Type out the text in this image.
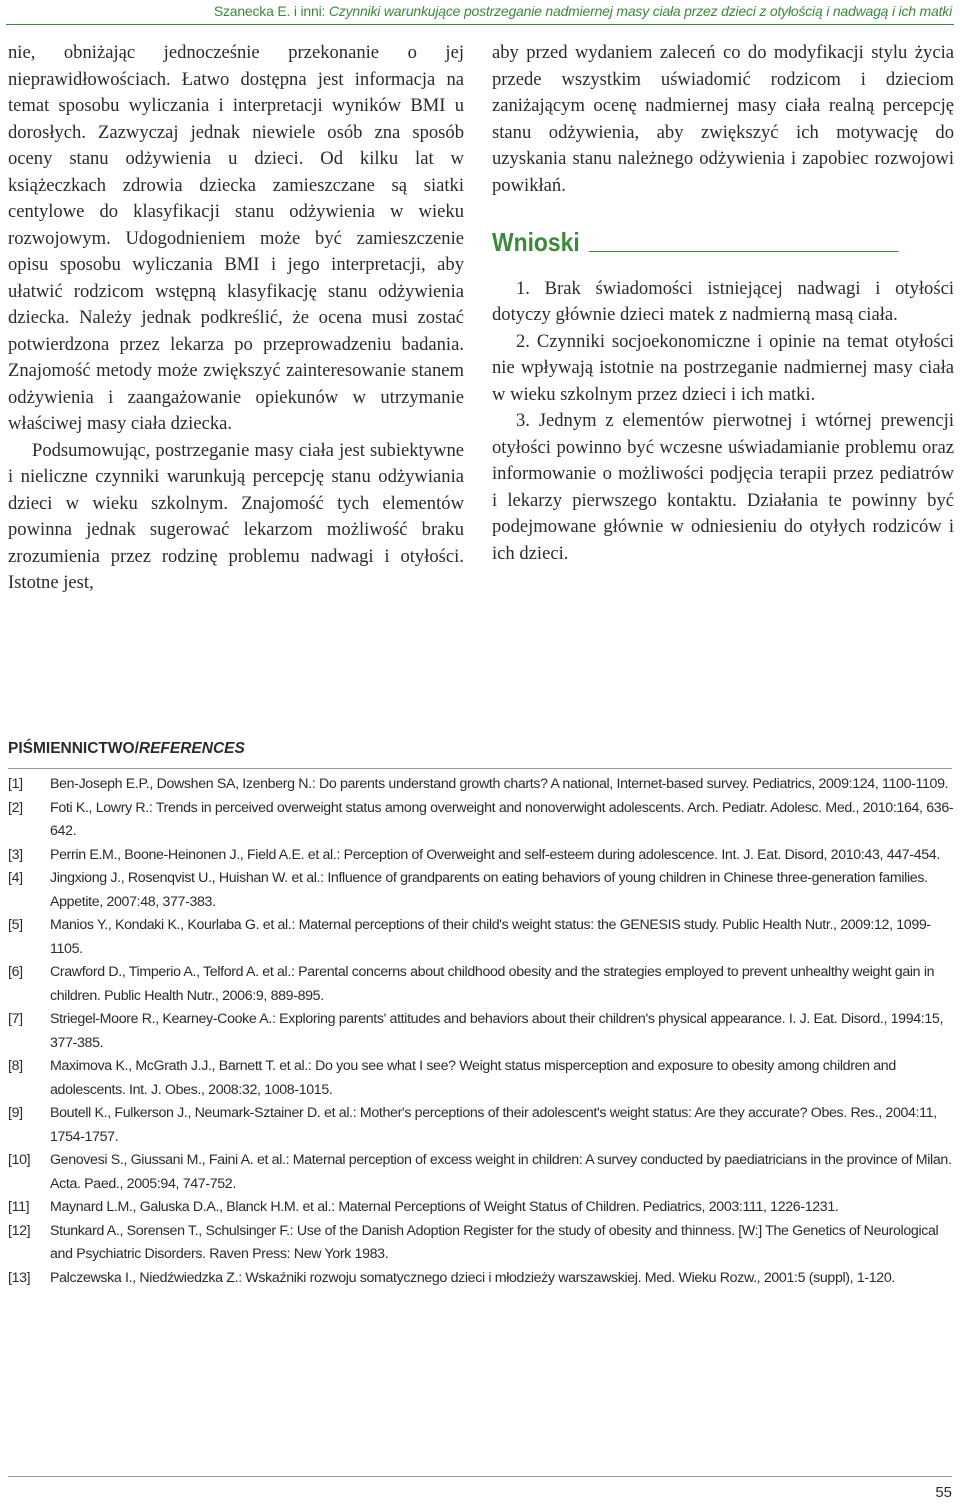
Szanecka E. i inni: Czynniki warunkujące postrzeganie nadmiernej masy ciała przez dzieci z otyłością i nadwagą i ich matki

nie, obniżając jednocześnie przekonanie o jej nieprawidłowościach. Łatwo dostępna jest informacja na temat sposobu wyliczania i interpretacji wyników BMI u dorosłych. Zazwyczaj jednak niewiele osób zna sposób oceny stanu odżywienia u dzieci. Od kilku lat w książeczkach zdrowia dziecka zamieszczane są siatki centylowe do klasyfikacji stanu odżywienia w wieku rozwojowym. Udogodnieniem może być zamieszczenie opisu sposobu wyliczania BMI i jego interpretacji, aby ułatwić rodzicom wstępną klasyfikację stanu odżywienia dziecka. Należy jednak podkreślić, że ocena musi zostać potwierdzona przez lekarza po przeprowadzeniu badania. Znajomość metody może zwiększyć zainteresowanie stanem odżywienia i zaangażowanie opiekunów w utrzymanie właściwej masy ciała dziecka.

Podsumowując, postrzeganie masy ciała jest subiektywne i nieliczne czynniki warunkują percepcję stanu odżywiania dzieci w wieku szkolnym. Znajomość tych elementów powinna jednak sugerować lekarzom możliwość braku zrozumienia przez rodzinę problemu nadwagi i otyłości. Istotne jest,

aby przed wydaniem zaleceń co do modyfikacji stylu życia przede wszystkim uświadomić rodzicom i dzieciom zaniżającym ocenę nadmiernej masy ciała realną percepcję stanu odżywienia, aby zwiększyć ich motywację do uzyskania stanu należnego odżywienia i zapobiec rozwojowi powikłań.

Wnioski

1. Brak świadomości istniejącej nadwagi i otyłości dotyczy głównie dzieci matek z nadmierną masą ciała.

2. Czynniki socjoekonomiczne i opinie na temat otyłości nie wpływają istotnie na postrzeganie nadmiernej masy ciała w wieku szkolnym przez dzieci i ich matki.

3. Jednym z elementów pierwotnej i wtórnej prewencji otyłości powinno być wczesne uświadamianie problemu oraz informowanie o możliwości podjęcia terapii przez pediatrów i lekarzy pierwszego kontaktu. Działania te powinny być podejmowane głównie w odniesieniu do otyłych rodziców i ich dzieci.

PIŚMIENNICTWO/REFERENCES
[1]	Ben-Joseph E.P., Dowshen SA, Izenberg N.: Do parents understand growth charts? A national, Internet-based survey. Pediatrics, 2009:124, 1100-1109.
[2]	Foti K., Lowry R.: Trends in perceived overweight status among overweight and nonoverwight adolescents. Arch. Pediatr. Adolesc. Med., 2010:164, 636-642.
[3]	Perrin E.M., Boone-Heinonen J., Field A.E. et al.: Perception of Overweight and self-esteem during adolescence. Int. J. Eat. Disord, 2010:43, 447-454.
[4]	Jingxiong J., Rosenqvist U., Huishan W. et al.: Influence of grandparents on eating behaviors of young children in Chinese three-generation families. Appetite, 2007:48, 377-383.
[5]	Manios Y., Kondaki K., Kourlaba G. et al.: Maternal perceptions of their child's weight status: the GENESIS study. Public Health Nutr., 2009:12, 1099-1105.
[6]	Crawford D., Timperio A., Telford A. et al.: Parental concerns about childhood obesity and the strategies employed to prevent unhealthy weight gain in children. Public Health Nutr., 2006:9, 889-895.
[7]	Striegel-Moore R., Kearney-Cooke A.: Exploring parents' attitudes and behaviors about their children's physical appearance. I. J. Eat. Disord., 1994:15, 377-385.
[8]	Maximova K., McGrath J.J., Barnett T. et al.: Do you see what I see? Weight status misperception and exposure to obesity among children and adolescents. Int. J. Obes., 2008:32, 1008-1015.
[9]	Boutell K., Fulkerson J., Neumark-Sztainer D. et al.: Mother's perceptions of their adolescent's weight status: Are they accurate? Obes. Res., 2004:11, 1754-1757.
[10]	Genovesi S., Giussani M., Faini A. et al.: Maternal perception of excess weight in children: A survey conducted by paediatricians in the province of Milan. Acta. Paed., 2005:94, 747-752.
[11]	Maynard L.M., Galuska D.A., Blanck H.M. et al.: Maternal Perceptions of Weight Status of Children. Pediatrics, 2003:111, 1226-1231.
[12]	Stunkard A., Sorensen T., Schulsinger F.: Use of the Danish Adoption Register for the study of obesity and thinness. [W:] The Genetics of Neurological and Psychiatric Disorders. Raven Press: New York 1983.
[13]	Palczewska I., Niedźwiedzka Z.: Wskaźniki rozwoju somatycznego dzieci i młodzieży warszawskiej. Med. Wieku Rozw., 2001:5 (suppl), 1-120.
55
